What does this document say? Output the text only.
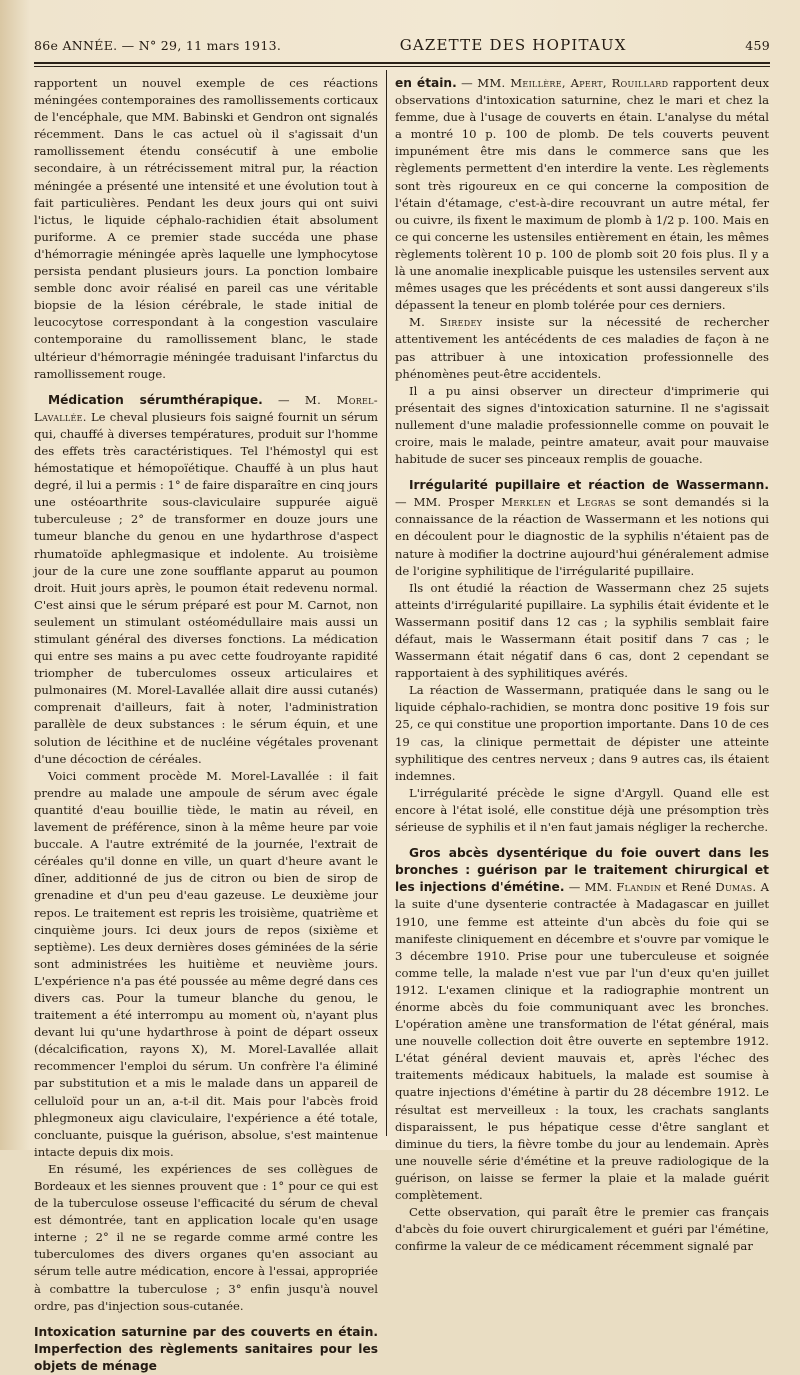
86e ANNÉE. — N° 29, 11 mars 1913.	GAZETTE DES HOPITAUX	459

rapportent un nouvel exemple de ces réactions méningées contemporaines des ramollissements corticaux de l'encéphale, que MM. Babinski et Gendron ont signalés récemment. Dans le cas actuel où il s'agissait d'un ramollissement étendu consécutif à une embolie secondaire, à un rétrécissement mitral pur, la réaction méningée a présenté une intensité et une évolution tout à fait particulières. Pendant les deux jours qui ont suivi l'ictus, le liquide céphalo-rachidien était absolument puriforme. A ce premier stade succéda une phase d'hémorragie méningée après laquelle une lymphocytose persista pendant plusieurs jours. La ponction lombaire semble donc avoir réalisé en pareil cas une véritable biopsie de la lésion cérébrale, le stade initial de leucocytose correspondant à la congestion vasculaire contemporaine du ramollissement blanc, le stade ultérieur d'hémorragie méningée traduisant l'infarctus du ramollissement rouge.

Médication sérumthérapique. — M. Morel-Lavallée. Le cheval plusieurs fois saigné fournit un sérum qui, chauffé à diverses températures, produit sur l'homme des effets très caractéristiques. Tel l'hémostyl qui est hémostatique et hémopoïétique. Chauffé à un plus haut degré, il lui a permis : 1° de faire disparaître en cinq jours une ostéoarthrite sous-claviculaire suppurée aiguë tuberculeuse ; 2° de transformer en douze jours une tumeur blanche du genou en une hydarthrose d'aspect rhumatoïde aphlegmasique et indolente. Au troisième jour de la cure une zone soufflante apparut au poumon droit. Huit jours après, le poumon était redevenu normal. C'est ainsi que le sérum préparé est pour M. Carnot, non seulement un stimulant ostéomédullaire mais aussi un stimulant général des diverses fonctions. La médication qui entre ses mains a pu avec cette foudroyante rapidité triompher de tuberculomes osseux articulaires et pulmonaires (M. Morel-Lavallée allait dire aussi cutanés) comprenait d'ailleurs, fait à noter, l'administration parallèle de deux substances : le sérum équin, et une solution de lécithine et de nucléine végétales provenant d'une décoction de céréales.

Voici comment procède M. Morel-Lavallée : il fait prendre au malade une ampoule de sérum avec égale quantité d'eau bouillie tiède, le matin au réveil, en lavement de préférence, sinon à la même heure par voie buccale. A l'autre extrémité de la journée, l'extrait de céréales qu'il donne en ville, un quart d'heure avant le dîner, additionné de jus de citron ou bien de sirop de grenadine et d'un peu d'eau gazeuse. Le deuxième jour repos. Le traitement est repris les troisième, quatrième et cinquième jours. Ici deux jours de repos (sixième et septième). Les deux dernières doses géminées de la série sont administrées les huitième et neuvième jours. L'expérience n'a pas été poussée au même degré dans ces divers cas. Pour la tumeur blanche du genou, le traitement a été interrompu au moment où, n'ayant plus devant lui qu'une hydarthrose à point de départ osseux (décalcification, rayons X), M. Morel-Lavallée allait recommencer l'emploi du sérum. Un confrère l'a éliminé par substitution et a mis le malade dans un appareil de celluloïd pour un an, a-t-il dit. Mais pour l'abcès froid phlegmoneux aigu claviculaire, l'expérience a été totale, concluante, puisque la guérison, absolue, s'est maintenue intacte depuis dix mois.

En résumé, les expériences de ses collègues de Bordeaux et les siennes prouvent que : 1° pour ce qui est de la tuberculose osseuse l'efficacité du sérum de cheval est démontrée, tant en application locale qu'en usage interne ; 2° il ne se regarde comme armé contre les tuberculomes des divers organes qu'en associant au sérum telle autre médication, encore à l'essai, appropriée à combattre la tuberculose ; 3° enfin jusqu'à nouvel ordre, pas d'injection sous-cutanée.

Intoxication saturnine par des couverts en étain. Imperfection des règlements sanitaires pour les objets de ménage

en étain. — MM. Meillère, Apert, Rouillard rapportent deux observations d'intoxication saturnine, chez le mari et chez la femme, due à l'usage de couverts en étain. L'analyse du métal a montré 10 p. 100 de plomb. De tels couverts peuvent impunément être mis dans le commerce sans que les règlements permettent d'en interdire la vente. Les règlements sont très rigoureux en ce qui concerne la composition de l'étain d'étamage, c'est-à-dire recouvrant un autre métal, fer ou cuivre, ils fixent le maximum de plomb à 1/2 p. 100. Mais en ce qui concerne les ustensiles entièrement en étain, les mêmes règlements tolèrent 10 p. 100 de plomb soit 20 fois plus. Il y a là une anomalie inexplicable puisque les ustensiles servent aux mêmes usages que les précédents et sont aussi dangereux s'ils dépassent la teneur en plomb tolérée pour ces derniers.

M. Siredey insiste sur la nécessité de rechercher attentivement les antécédents de ces maladies de façon à ne pas attribuer à une intoxication professionnelle des phénomènes peut-être accidentels.

Il a pu ainsi observer un directeur d'imprimerie qui présentait des signes d'intoxication saturnine. Il ne s'agissait nullement d'une maladie professionnelle comme on pouvait le croire, mais le malade, peintre amateur, avait pour mauvaise habitude de sucer ses pinceaux remplis de gouache.

Irrégularité pupillaire et réaction de Wassermann. — MM. Prosper Merklen et Legras se sont demandés si la connaissance de la réaction de Wassermann et les notions qui en découlent pour le diagnostic de la syphilis n'étaient pas de nature à modifier la doctrine aujourd'hui généralement admise de l'origine syphilitique de l'irrégularité pupillaire.

Ils ont étudié la réaction de Wassermann chez 25 sujets atteints d'irrégularité pupillaire. La syphilis était évidente et le Wassermann positif dans 12 cas ; la syphilis semblait faire défaut, mais le Wassermann était positif dans 7 cas ; le Wassermann était négatif dans 6 cas, dont 2 cependant se rapportaient à des syphilitiques avérés.

La réaction de Wassermann, pratiquée dans le sang ou le liquide céphalo-rachidien, se montra donc positive 19 fois sur 25, ce qui constitue une proportion importante. Dans 10 de ces 19 cas, la clinique permettait de dépister une atteinte syphilitique des centres nerveux ; dans 9 autres cas, ils étaient indemnes.

L'irrégularité précède le signe d'Argyll. Quand elle est encore à l'état isolé, elle constitue déjà une présomption très sérieuse de syphilis et il n'en faut jamais négliger la recherche.

Gros abcès dysentérique du foie ouvert dans les bronches : guérison par le traitement chirurgical et les injections d'émétine. — MM. Flandin et René Dumas. A la suite d'une dysenterie contractée à Madagascar en juillet 1910, une femme est atteinte d'un abcès du foie qui se manifeste cliniquement en décembre et s'ouvre par vomique le 3 décembre 1910. Prise pour une tuberculeuse et soignée comme telle, la malade n'est vue par l'un d'eux qu'en juillet 1912. L'examen clinique et la radiographie montrent un énorme abcès du foie communiquant avec les bronches. L'opération amène une transformation de l'état général, mais une nouvelle collection doit être ouverte en septembre 1912. L'état général devient mauvais et, après l'échec des traitements médicaux habituels, la malade est soumise à quatre injections d'émétine à partir du 28 décembre 1912. Le résultat est merveilleux : la toux, les crachats sanglants disparaissent, le pus hépatique cesse d'être sanglant et diminue du tiers, la fièvre tombe du jour au lendemain. Après une nouvelle série d'émétine et la preuve radiologique de la guérison, on laisse se fermer la plaie et la malade guérit complètement.

Cette observation, qui paraît être le premier cas français d'abcès du foie ouvert chirurgicalement et guéri par l'émétine, confirme la valeur de ce médicament récemment signalé par
